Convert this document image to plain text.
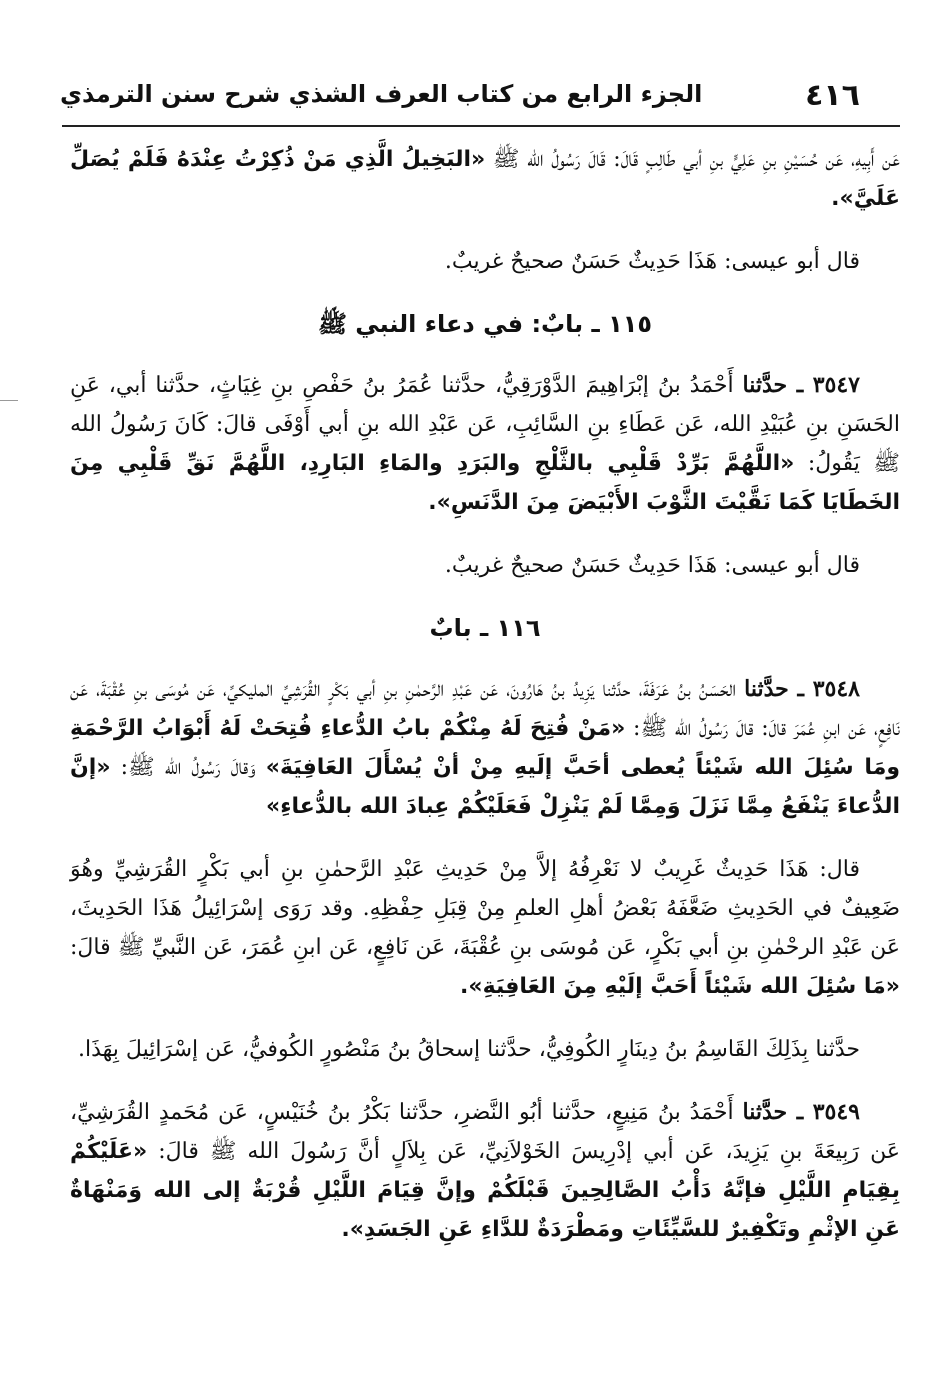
٤١٦
الجزء الرابع من كتاب العرف الشذي شرح سنن الترمذي

عَن أَبِيهِ، عَن حُسَيْنِ بنِ عَلِيٍّ بنِ أبي طَالِبٍ قَالَ: قَالَ رَسُولُ الله ﷺ «البَخِيلُ الَّذِي مَنْ ذُكِرْتُ عِنْدَهُ فَلَمْ يُصَلِّ عَلَيَّ».

قال أبو عيسى: هَذَا حَدِيثٌ حَسَنٌ صحيحٌ غريبٌ.

١١٥ ـ بابٌ: في دعاء النبي ﷺ

٣٥٤٧ ـ حدَّثنا أَحْمَدُ بنُ إبْرَاهِيمَ الدَّوْرَقِيُّ، حدَّثنا عُمَرُ بنُ حَفْصِ بنِ غِيَاثٍ، حدَّثنا أبي، عَنِ الحَسَنِ بنِ عُبَيْدِ الله، عَن عَطَاءِ بنِ السَّائِبِ، عَن عَبْدِ الله بنِ أبي أَوْفَى قالَ: كَانَ رَسُولُ الله ﷺ يَقُولُ: «اللَّهُمَّ بَرِّدْ قَلْبِي بالثَّلْجِ والبَرَدِ والمَاءِ البَارِدِ، اللَّهُمَّ نَقِّ قَلْبِي مِنَ الخَطَايَا كَمَا نَقَّيْتَ الثَّوْبَ الأَبْيَضَ مِنَ الدَّنَسِ».

قال أبو عيسى: هَذَا حَدِيثٌ حَسَنٌ صحيحٌ غريبٌ.

١١٦ ـ بابٌ

٣٥٤٨ ـ حدَّثنا الحَسَنُ بنُ عَرَفَةَ، حدَّثنا يَزِيدُ بنُ هَارُونَ، عَن عَبْدِ الرَّحمٰنِ بنِ أبي بَكْرٍ القُرَشِيِّ المليكيِّ، عَن مُوسَى بنِ عُقْبَةَ، عَن نَافِعٍ، عَن ابنِ عُمَرَ قالَ: قالَ رَسُولُ الله ﷺ: «مَنْ فُتِحَ لَهُ مِنْكُمْ بابُ الدُّعاءِ فُتِحَتْ لَهُ أَبْوَابُ الرَّحْمَةِ ومَا سُئِلَ الله شَيْئاً يُعطى أحَبَّ إلَيهِ مِنْ أنْ يُسْأَلَ العَافِيَةَ» وَقالَ رَسُولُ الله ﷺ: «إنَّ الدُّعاءَ يَنْفَعُ مِمَّا نَزَلَ وَمِمَّا لَمْ يَنْزِلْ فَعَلَيْكُمْ عِبادَ الله بالدُّعاءِ»

قال: هَذَا حَدِيثٌ غَرِيبٌ لا نَعْرِفُهُ إلاَّ مِنْ حَدِيثِ عَبْدِ الرَّحمٰنِ بنِ أبي بَكْرٍ القُرَشِيِّ وهُوَ ضَعِيفٌ في الحَدِيثِ ضَعَّفَهُ بَعْضُ أهلِ العلمِ مِنْ قِبَلِ حِفْظِهِ. وقد رَوَى إسْرَائِيلُ هَذَا الحَدِيثَ، عَن عَبْدِ الرحْمٰنِ بنِ أبي بَكْرٍ، عَن مُوسَى بنِ عُقْبَةَ، عَن نَافِعٍ، عَن ابنِ عُمَرَ، عَن النَّبيِّ ﷺ قالَ: «مَا سُئِلَ الله شَيْئاً أَحَبَّ إلَيْهِ مِنَ العَافِيَةِ».

حدَّثنا بِذَلِكَ القَاسِمُ بنُ دِينَارٍ الكُوفِيُّ، حدَّثنا إسحاقُ بنُ مَنْصُورٍ الكُوفيُّ، عَن إسْرَائِيلَ بِهَذَا.

٣٥٤٩ ـ حدَّثنا أَحْمَدُ بنُ مَنِيعٍ، حدَّثنا أبُو النَّضرِ، حدَّثنا بَكْرُ بنُ خُنَيْسٍ، عَن مُحَمدٍ القُرَشِيِّ، عَن رَبِيعَةَ بنِ يَزِيدَ، عَن أبي إدْرِيسَ الخَوْلاَنِيِّ، عَن بِلاَلٍ أنَّ رَسُولَ الله ﷺ قالَ: «عَلَيْكُمْ بِقِيَامِ اللَّيْلِ فإنَّهُ دَأْبُ الصَّالِحِينَ قَبْلَكُمْ وإنَّ قِيَامَ اللَّيْلِ قُرْبَةٌ إلى الله وَمَنْهَاةٌ عَنِ الإثْمِ وتَكْفِيرٌ للسَّيِّئَاتِ ومَطْرَدَةٌ للدَّاءِ عَنِ الجَسَدِ».
